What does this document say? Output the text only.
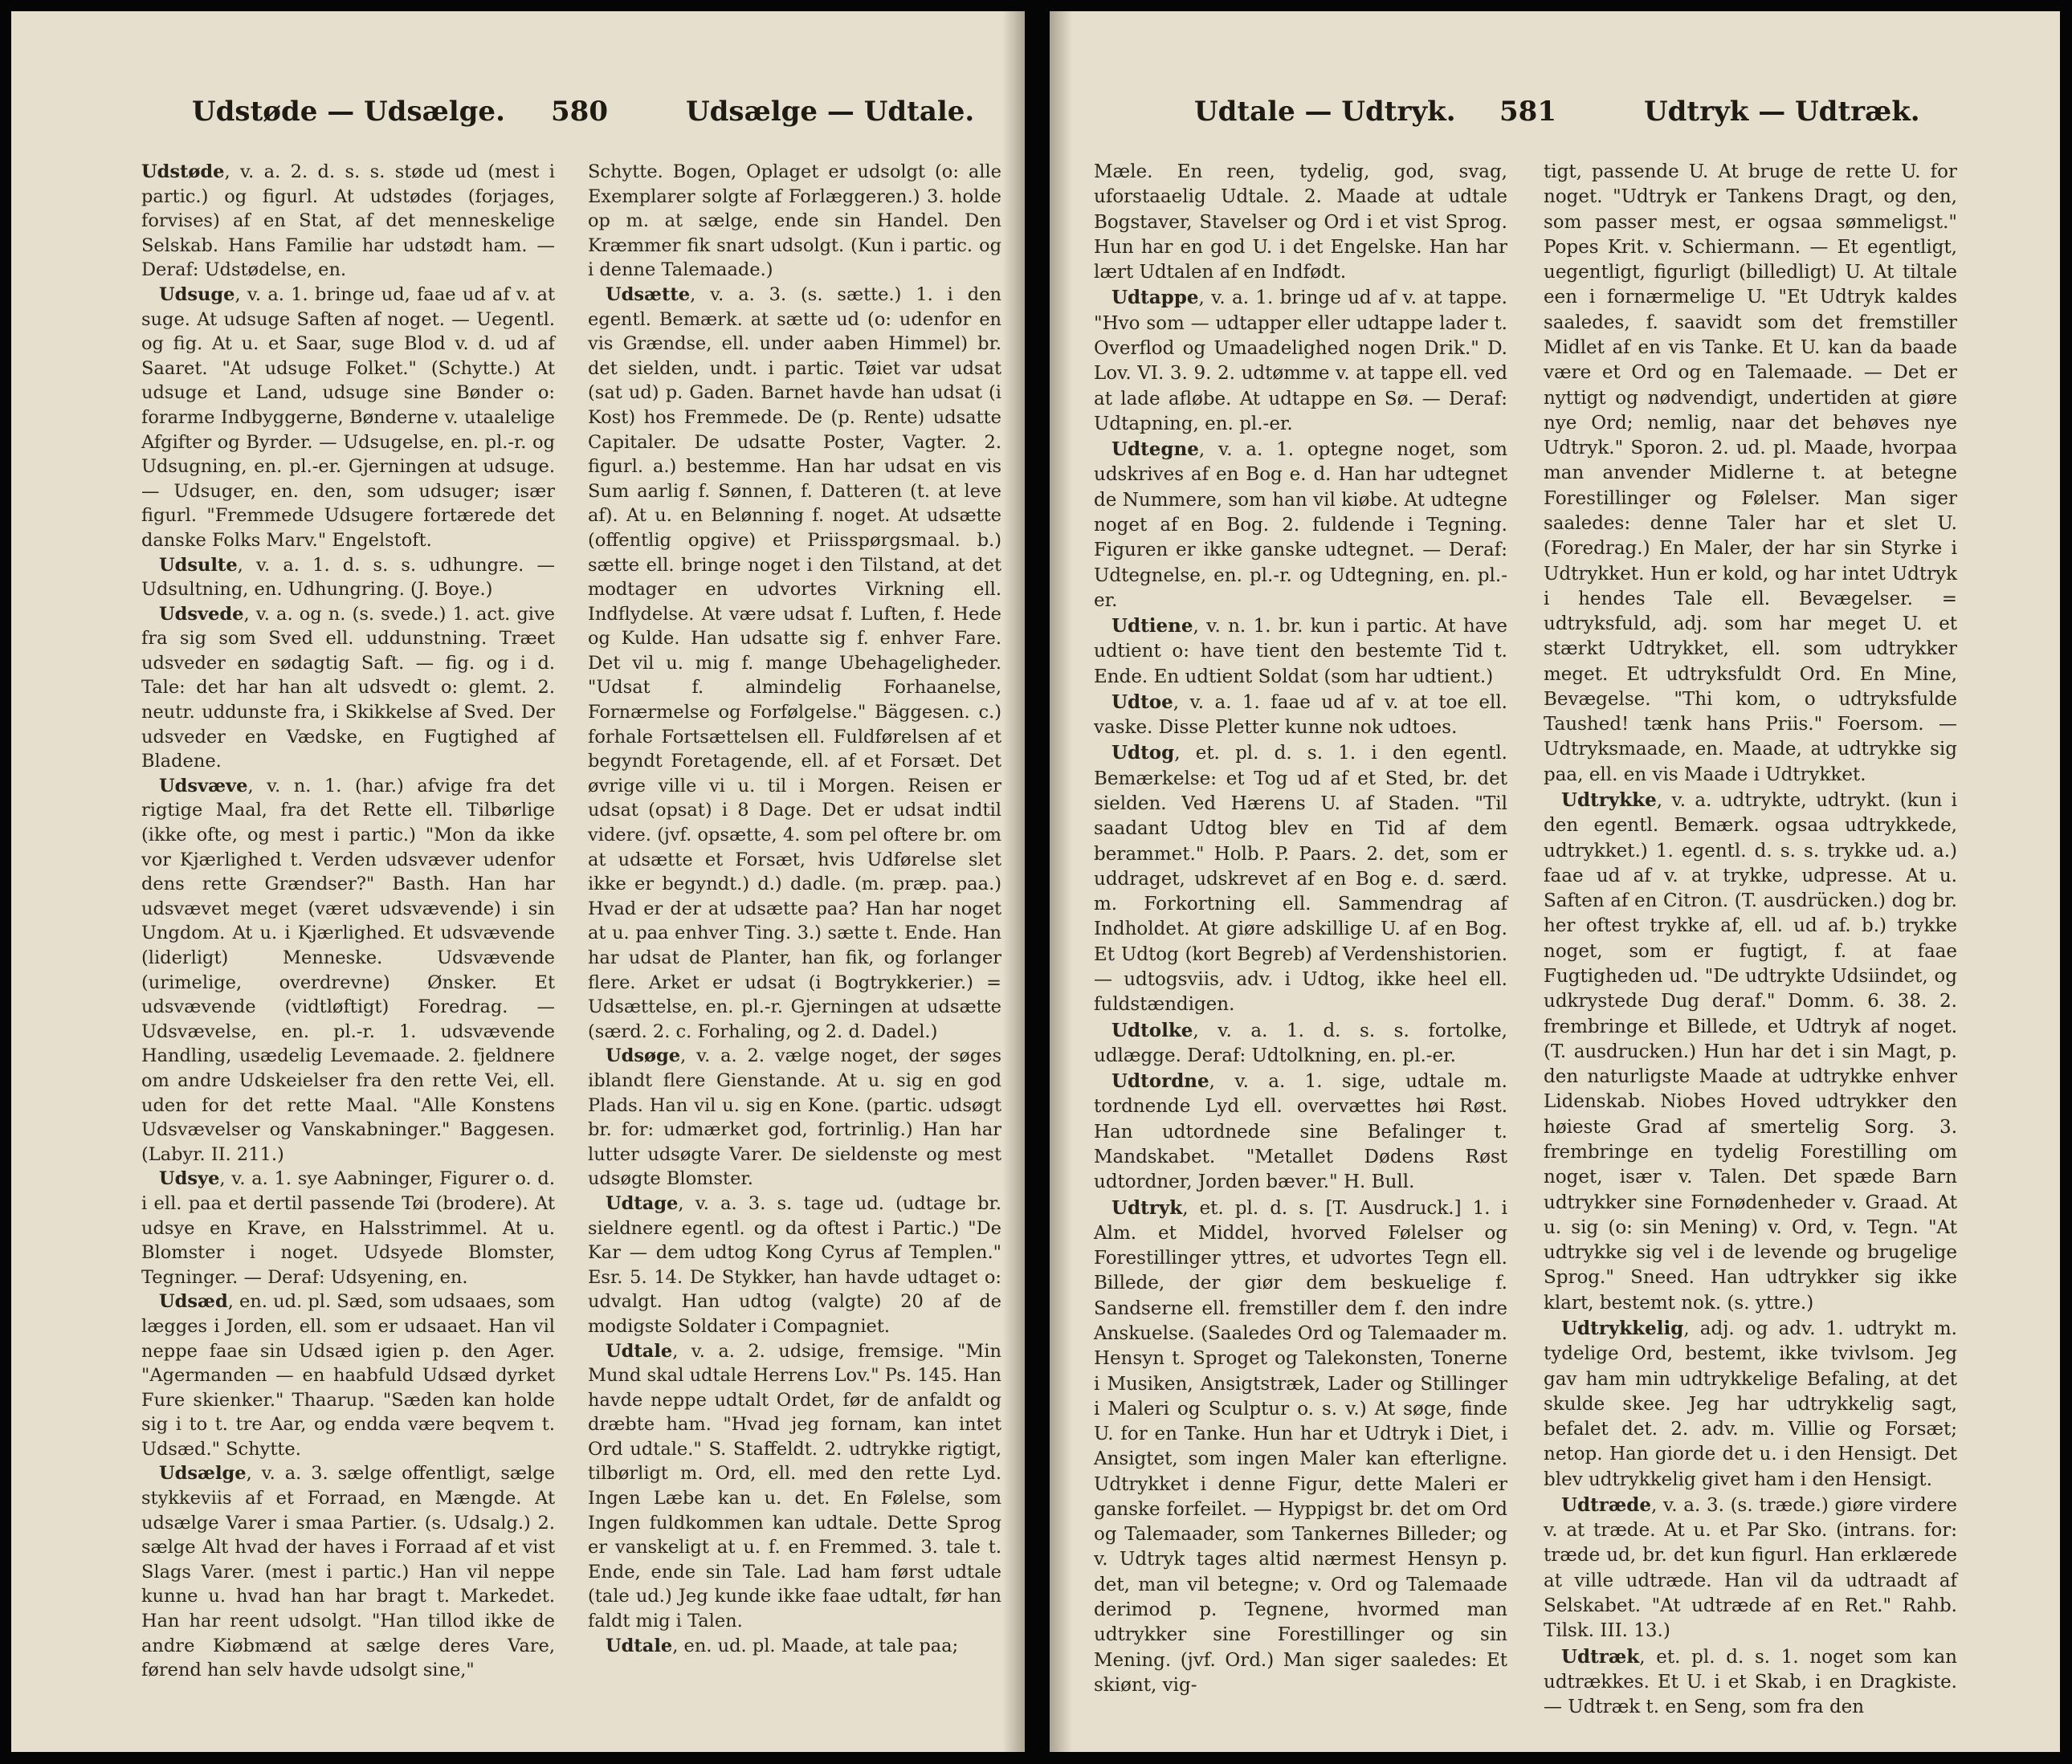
Udstøde — Udsælge. 580	Udsælge — Udtale.

Udstøde, v. a. 2. d. s. s. støde ud (mest i partic.) og figurl. At udstødes (forjages, forvises) af en Stat, af det menneskelige Selskab. Hans Familie har udstødt ham. — Deraf: Udstødelse, en.

Udsuge, v. a. 1. bringe ud, faae ud af v. at suge. At udsuge Saften af noget. — Uegentl. og fig. At u. et Saar, suge Blod v. d. ud af Saaret. "At udsuge Folket." (Schytte.) At udsuge et Land, udsuge sine Bønder o: forarme Indbyggerne, Bønderne v. utaalelige Afgifter og Byrder. — Udsugelse, en. pl.-r. og Udsugning, en. pl.-er. Gjerningen at udsuge. — Udsuger, en. den, som udsuger; især figurl. "Fremmede Udsugere fortærede det danske Folks Marv." Engelstoft.

Udsulte, v. a. 1. d. s. s. udhungre. — Udsultning, en. Udhungring. (J. Boye.)

Udsvede, v. a. og n. (s. svede.) 1. act. give fra sig som Sved ell. uddunstning. Træet udsveder en sødagtig Saft. — fig. og i d. Tale: det har han alt udsvedt o: glemt. 2. neutr. uddunste fra, i Skikkelse af Sved. Der udsveder en Vædske, en Fugtighed af Bladene.

Udsvæve, v. n. 1. (har.) afvige fra det rigtige Maal, fra det Rette ell. Tilbørlige (ikke ofte, og mest i partic.) "Mon da ikke vor Kjærlighed t. Verden udsvæver udenfor dens rette Grændser?" Basth. Han har udsvævet meget (været udsvævende) i sin Ungdom. At u. i Kjærlighed. Et udsvævende (liderligt) Menneske. Udsvævende (urimelige, overdrevne) Ønsker. Et udsvævende (vidtløftigt) Foredrag. — Udsvævelse, en. pl.-r. 1. udsvævende Handling, usædelig Levemaade. 2. fjeldnere om andre Udskeielser fra den rette Vei, ell. uden for det rette Maal. "Alle Konstens Udsvævelser og Vanskabninger." Baggesen. (Labyr. II. 211.)

Udsye, v. a. 1. sye Aabninger, Figurer o. d. i ell. paa et dertil passende Tøi (broderе). At udsye en Krave, en Halsstrimmel. At u. Blomster i noget. Udsyede Blomster, Tegninger. — Deraf: Udsyening, en.

Udsæd, en. ud. pl. Sæd, som udsaaes, som lægges i Jorden, ell. som er udsaaet. Han vil neppe faae sin Udsæd igien p. den Ager. "Agermanden — en haabfuld Udsæd dyrket Fure skienker." Thaarup. "Sæden kan holde sig i to t. tre Aar, og endda være beqvem t. Udsæd." Schytte.

Udsælge, v. a. 3. sælge offentligt, sælge stykkeviis af et Forraad, en Mængde. At udsælge Varer i smaa Partier. (s. Udsalg.) 2. sælge Alt hvad der haves i Forraad af et vist Slags Varer. (mest i partic.) Han vil neppe kunne u. hvad han har bragt t. Markedet. Han har reent udsolgt. "Han tillod ikke de andre Kiøbmænd at sælge deres Vare, førend han selv havde udsolgt sine,"

Schytte. Bogen, Oplaget er udsolgt (o: alle Exemplarer solgte af Forlæggeren.) 3. holde op m. at sælge, ende sin Handel. Den Kræmmer fik snart udsolgt. (Kun i partic. og i denne Talemaade.)

Udsætte, v. a. 3. (s. sætte.) 1. i den egentl. Bemærk. at sætte ud (o: udenfor en vis Grændse, ell. under aaben Himmel) br. det sielden, undt. i partic. Tøiet var udsat (sat ud) p. Gaden. Barnet havde han udsat (i Kost) hos Fremmede. De (p. Rente) udsatte Capitaler. De udsatte Poster, Vagter. 2. figurl. a.) bestemme. Han har udsat en vis Sum aarlig f. Sønnen, f. Datteren (t. at leve af). At u. en Belønning f. noget. At udsætte (offentlig opgive) et Priisspørgsmaal. b.) sætte ell. bringe noget i den Tilstand, at det modtager en udvortes Virkning ell. Indflydelse. At være udsat f. Luften, f. Hede og Kulde. Han udsatte sig f. enhver Fare. Det vil u. mig f. mange Ubehageligheder. "Udsat f. almindelig Forhaanelse, Fornærmelse og Forfølgelse." Bäggesen. c.) forhale Fortsættelsen ell. Fuldførelsen af et begyndt Foretagende, ell. af et Forsæt. Det øvrige ville vi u. til i Morgen. Reisen er udsat (opsat) i 8 Dage. Det er udsat indtil videre. (jvf. opsætte, 4. som pel oftere br. om at udsætte et Forsæt, hvis Udførelse slet ikke er begyndt.) d.) dadle. (m. præp. paa.) Hvad er der at udsætte paa? Han har noget at u. paa enhver Ting. 3.) sætte t. Ende. Han har udsat de Planter, han fik, og forlanger flere. Arket er udsat (i Bogtrykkerier.) = Udsættelse, en. pl.-r. Gjerningen at udsætte (særd. 2. c. Forhaling, og 2. d. Dadel.)

Udsøge, v. a. 2. vælge noget, der søges iblandt flere Gienstande. At u. sig en god Plads. Han vil u. sig en Kone. (partic. udsøgt br. for: udmærket god, fortrinlig.) Han har lutter udsøgte Varer. De sieldenste og mest udsøgte Blomster.

Udtage, v. a. 3. s. tage ud. (udtage br. sieldnere egentl. og da oftest i Partic.) "De Kar — dem udtog Kong Cyrus af Templen." Esr. 5. 14. De Stykker, han havde udtaget o: udvalgt. Han udtog (valgte) 20 af de modigste Soldater i Compagniet.

Udtale, v. a. 2. udsige, fremsige. "Min Mund skal udtale Herrens Lov." Ps. 145. Han havde neppe udtalt Ordet, før de anfaldt og dræbte ham. "Hvad jeg fornam, kan intet Ord udtale." S. Staffeldt. 2. udtrykke rigtigt, tilbørligt m. Ord, ell. med den rette Lyd. Ingen Læbe kan u. det. En Følelse, som Ingen fuldkommen kan udtale. Dette Sprog er vanskeligt at u. f. en Fremmed. 3. tale t. Ende, ende sin Tale. Lad ham først udtale (tale ud.) Jeg kunde ikke faae udtalt, før han faldt mig i Talen.

Udtale, en. ud. pl. Maade, at tale paa;

Udtale — Udtryk. 581	Udtryk — Udtræk.

Mæle. En reen, tydelig, god, svag, uforstaaelig Udtale. 2. Maade at udtale Bogstaver, Stavelser og Ord i et vist Sprog. Hun har en god U. i det Engelske. Han har lært Udtalen af en Indfødt.

Udtappe, v. a. 1. bringe ud af v. at tappe. "Hvo som — udtapper eller udtappe lader t. Overflod og Umaadelighed nogen Drik." D. Lov. VI. 3. 9. 2. udtømme v. at tappe ell. ved at lade afløbe. At udtappe en Sø. — Deraf: Udtapning, en. pl.-er.

Udtegne, v. a. 1. optegne noget, som udskrives af en Bog e. d. Han har udtegnet de Nummere, som han vil kiøbe. At udtegne noget af en Bog. 2. fuldende i Tegning. Figuren er ikke ganske udtegnet. — Deraf: Udtegnelse, en. pl.-r. og Udtegning, en. pl.-er.

Udtiene, v. n. 1. br. kun i partic. At have udtient o: have tient den bestemte Tid t. Ende. En udtient Soldat (som har udtient.)

Udtoe, v. a. 1. faae ud af v. at toe ell. vaske. Disse Pletter kunne nok udtoes.

Udtog, et. pl. d. s. 1. i den egentl. Bemærkelse: et Tog ud af et Sted, br. det sielden. Ved Hærens U. af Staden. "Til saadant Udtog blev en Tid af dem berammet." Holb. P. Paars. 2. det, som er uddraget, udskrevet af en Bog e. d. særd. m. Forkortning ell. Sammendrag af Indholdet. At giøre adskillige U. af en Bog. Et Udtog (kort Begreb) af Verdenshistorien. — udtogsviis, adv. i Udtog, ikke heel ell. fuldstændigen.

Udtolke, v. a. 1. d. s. s. fortolke, udlægge. Deraf: Udtolkning, en. pl.-er.

Udtordne, v. a. 1. sige, udtale m. tordnende Lyd ell. overvættes høi Røst. Han udtordnede sine Befalinger t. Mandskabet. "Metallet Dødens Røst udtordner, Jorden bæver." H. Bull.

Udtryk, et. pl. d. s. [T. Ausdruck.] 1. i Alm. et Middel, hvorved Følelser og Forestillinger yttres, et udvortes Tegn ell. Billede, der giør dem beskuelige f. Sandserne ell. fremstiller dem f. den indre Anskuelse. (Saaledes Ord og Talemaader m. Hensyn t. Sproget og Talekonsten, Tonerne i Musiken, Ansigtstræk, Lader og Stillinger i Maleri og Sculptur o. s. v.) At søge, finde U. for en Tanke. Hun har et Udtryk i Diet, i Ansigtet, som ingen Maler kan efterligne. Udtrykket i denne Figur, dette Maleri er ganske forfeilet. — Hyppigst br. det om Ord og Talemaader, som Tankernes Billeder; og v. Udtryk tages altid nærmest Hensyn p. det, man vil betegne; v. Ord og Talemaade derimod p. Tegnene, hvormed man udtrykker sine Forestillinger og sin Mening. (jvf. Ord.) Man siger saaledes: Et skiønt, vig-

tigt, passende U. At bruge de rette U. for noget. "Udtryk er Tankens Dragt, og den, som passer mest, er ogsaa sømmeligst." Popes Krit. v. Schiermann. — Et egentligt, uegentligt, figurligt (billedligt) U. At tiltale een i fornærmelige U. "Et Udtryk kaldes saaledes, f. saavidt som det fremstiller Midlet af en vis Tanke. Et U. kan da baade være et Ord og en Talemaade. — Det er nyttigt og nødvendigt, undertiden at giøre nye Ord; nemlig, naar det behøves nye Udtryk." Sporon. 2. ud. pl. Maade, hvorpaa man anvender Midlerne t. at betegne Forestillinger og Følelser. Man siger saaledes: denne Taler har et slet U. (Foredrag.) En Maler, der har sin Styrke i Udtrykket. Hun er kold, og har intet Udtryk i hendes Tale ell. Bevægelser. = udtryksfuld, adj. som har meget U. et stærkt Udtrykket, ell. som udtrykker meget. Et udtryksfuldt Ord. En Mine, Bevægelse. "Thi kom, o udtryksfulde Taushed! tænk hans Priis." Foersom. — Udtryksmaade, en. Maade, at udtrykke sig paa, ell. en vis Maade i Udtrykket.

Udtrykke, v. a. udtrykte, udtrykt. (kun i den egentl. Bemærk. ogsaa udtrykkede, udtrykket.) 1. egentl. d. s. s. trykke ud. a.) faae ud af v. at trykke, udpresse. At u. Saften af en Citron. (T. ausdrücken.) dog br. her oftest trykke af, ell. ud af. b.) trykke noget, som er fugtigt, f. at faae Fugtigheden ud. "De udtrykte Udsiindet, og udkrystede Dug deraf." Domm. 6. 38. 2. frembringe et Billede, et Udtryk af noget. (T. ausdrucken.) Hun har det i sin Magt, p. den naturligste Maade at udtrykke enhver Lidenskab. Niobes Hoved udtrykker den høieste Grad af smertelig Sorg. 3. frembringe en tydelig Forestilling om noget, især v. Talen. Det spæde Barn udtrykker sine Fornødenheder v. Graad. At u. sig (o: sin Mening) v. Ord, v. Tegn. "At udtrykke sig vel i de levende og brugelige Sprog." Sneed. Han udtrykker sig ikke klart, bestemt nok. (s. yttre.)

Udtrykkelig, adj. og adv. 1. udtrykt m. tydelige Ord, bestemt, ikke tvivlsom. Jeg gav ham min udtrykkelige Befaling, at det skulde skee. Jeg har udtrykkelig sagt, befalet det. 2. adv. m. Villie og Forsæt; netop. Han giorde det u. i den Hensigt. Det blev udtrykkelig givet ham i den Hensigt.

Udtræde, v. a. 3. (s. træde.) giøre virdere v. at træde. At u. et Par Sko. (intrans. for: træde ud, br. det kun figurl. Han erklærede at ville udtræde. Han vil da udtraadt af Selskabet. "At udtræde af en Ret." Rahb. Tilsk. III. 13.)

Udtræk, et. pl. d. s. 1. noget som kan udtrækkes. Et U. i et Skab, i en Dragkiste. — Udtræk t. en Seng, som fra den
